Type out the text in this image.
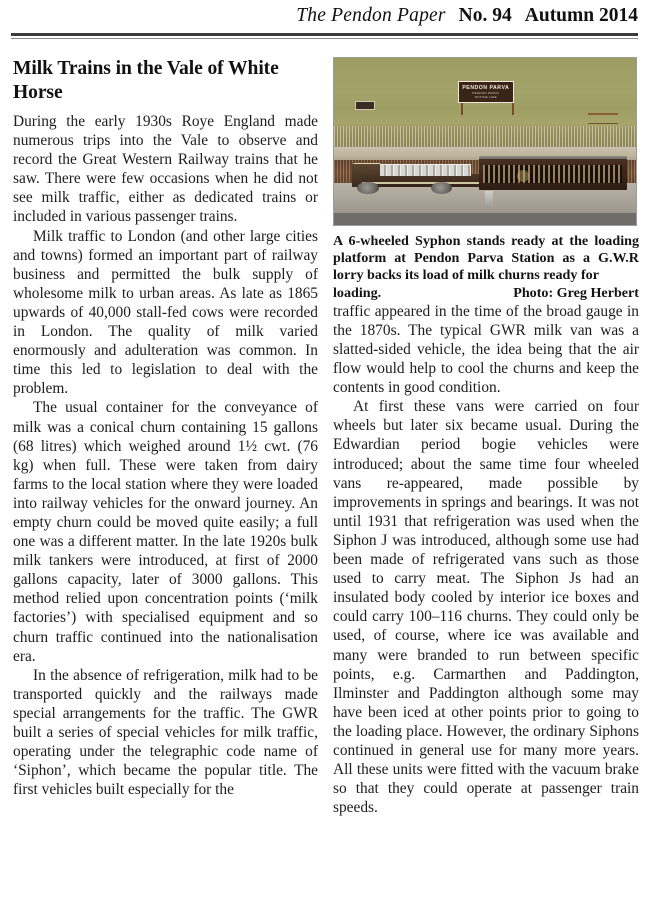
The Pendon Paper No. 94 Autumn 2014
Milk Trains in the Vale of White Horse

During the early 1930s Roye England made numerous trips into the Vale to observe and record the Great Western Railway trains that he saw. There were few occasions when he did not see milk traffic, either as dedicated trains or included in various passenger trains.

Milk traffic to London (and other large cities and towns) formed an important part of railway business and permitted the bulk supply of wholesome milk to urban areas. As late as 1865 upwards of 40,000 stall-fed cows were recorded in London. The quality of milk varied enormously and adulteration was common. In time this led to legislation to deal with the problem.

The usual container for the conveyance of milk was a conical churn containing 15 gallons (68 litres) which weighed around 1½ cwt. (76 kg) when full. These were taken from dairy farms to the local station where they were loaded into railway vehicles for the onward journey. An empty churn could be moved quite easily; a full one was a different matter. In the late 1920s bulk milk tankers were introduced, at first of 2000 gallons capacity, later of 3000 gallons. This method relied upon concentration points (‘milk factories’) with specialised equipment and so churn traffic continued into the nationalisation era.

In the absence of refrigeration, milk had to be transported quickly and the railways made special arrangements for the traffic. The GWR built a series of special vehicles for milk traffic, operating under the telegraphic code name of ‘Siphon’, which became the popular title. The first vehicles built especially for the

PENDON PARVA
PENDON PARVA
NOTICE LINE
A 6-wheeled Syphon stands ready at the loading platform at Pendon Parva Station as a G.W.R lorry backs its load of milk churns ready for
loading.	Photo: Greg Herbert

traffic appeared in the time of the broad gauge in the 1870s. The typical GWR milk van was a slatted-sided vehicle, the idea being that the air flow would help to cool the churns and keep the contents in good condition.

At first these vans were carried on four wheels but later six became usual. During the Edwardian period bogie vehicles were introduced; about the same time four wheeled vans re-appeared, made possible by improvements in springs and bearings. It was not until 1931 that refrigeration was used when the Siphon J was introduced, although some use had been made of refrigerated vans such as those used to carry meat. The Siphon Js had an insulated body cooled by interior ice boxes and could carry 100–116 churns. They could only be used, of course, where ice was available and many were branded to run between specific points, e.g. Carmarthen and Paddington, Ilminster and Paddington although some may have been iced at other points prior to going to the loading place. However, the ordinary Siphons continued in general use for many more years. All these units were fitted with the vacuum brake so that they could operate at passenger train speeds.
